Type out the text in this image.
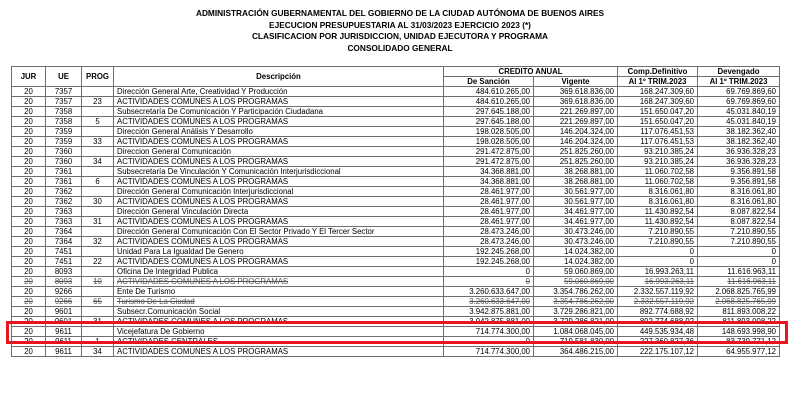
ADMINISTRACIÓN GUBERNAMENTAL DEL GOBIERNO DE LA CIUDAD AUTÓNOMA DE BUENOS AIRES
EJECUCION PRESUPUESTARIA AL 31/03/2023 EJERCICIO 2023 (*)
CLASIFICACION POR JURISDICCION, UNIDAD EJECUTORA Y PROGRAMA
CONSOLIDADO GENERAL
JUR	UE	PROG	Descripción	CREDITO ANUAL		Comp.Definitivo	Devengado
				De Sanción	Vigente	Al 1º TRIM.2023	Al 1º TRIM.2023
20	7357		Dirección General Arte, Creatividad Y Producción	484.610.265,00	369.618.836,00	168.247.309,60	69.769.869,60
20	7357	23	ACTIVIDADES COMUNES A LOS PROGRAMAS	484.610.265,00	369.618.836,00	168.247.309,60	69.769.869,60
20	7358		Subsecretaría De Comunicación Y Participación Ciudadana	297.645.188,00	221.269.897,00	151.650.047,20	45.031.840,19
20	7358	5	ACTIVIDADES COMUNES A LOS PROGRAMAS	297.645.188,00	221.269.897,00	151.650.047,20	45.031.840,19
20	7359		Dirección General Análisis Y Desarrollo	198.028.505,00	146.204.324,00	117.076.451,53	38.182.362,40
20	7359	33	ACTIVIDADES COMUNES A LOS PROGRAMAS	198.028.505,00	146.204.324,00	117.076.451,53	38.182.362,40
20	7360		Direccion General Comunicación	291.472.875,00	251.825.260,00	93.210.385,24	36.936.328,23
20	7360	34	ACTIVIDADES COMUNES A LOS PROGRAMAS	291.472.875,00	251.825.260,00	93.210.385,24	36.936.328,23
20	7361		Subsecretaría De Vinculación Y Comunicación Interjurisdiccional	34.368.881,00	38.268.881,00	11.060.702,58	9.356.891,58
20	7361	6	ACTIVIDADES COMUNES A LOS PROGRAMAS	34.368.881,00	38.268.881,00	11.060.702,58	9.356.891,58
20	7362		Dirección General Comunicación Interjurisdiccional	28.461.977,00	30.561.977,00	8.316.061,80	8.316.061,80
20	7362	30	ACTIVIDADES COMUNES A LOS PROGRAMAS	28.461.977,00	30.561.977,00	8.316.061,80	8.316.061,80
20	7363		Dirección General Vinculación Directa	28.461.977,00	34.461.977,00	11.430.892,54	8.087.822,54
20	7363	31	ACTIVIDADES COMUNES A LOS PROGRAMAS	28.461.977,00	34.461.977,00	11.430.892,54	8.087.822,54
20	7364		Dirección General Comunicación Con El Sector Privado Y El Tercer Sector	28.473.246,00	30.473.246,00	7.210.890,55	7.210.890,55
20	7364	32	ACTIVIDADES COMUNES A LOS PROGRAMAS	28.473.246,00	30.473.246,00	7.210.890,55	7.210.890,55
20	7451		Unidad Para La Igualdad De Genero	192.245.268,00	14.024.382,00	0	0
20	7451	22	ACTIVIDADES COMUNES A LOS PROGRAMAS	192.245.268,00	14.024.382,00	0	0
20	8093		Oficina De Integridad Publica	0	59.060.869,00	16.993.263,11	11.616.963,11
20	8093	10	ACTIVIDADES COMUNES A LOS PROGRAMAS	0	59.060.869,00	16.993.263,11	11.616.963,11
20	9266		Ente De Turismo	3.260.633.647,00	3.354.786.262,00	2.332.557.119,92	2.068.825.765,99
20	9266	65	Turismo De La Ciudad	3.260.633.647,00	3.354.786.262,00	2.332.557.119,92	2.068.825.765,99
20	9601		Subsecr.Comunicación Social	3.942.875.881,00	3.729.286.821,00	892.774.688,92	811.893.008,22
20	9601	31	ACTIVIDADES COMUNES A LOS PROGRAMAS	3.942.875.881,00	3.729.286.821,00	892.774.688,92	811.893.008,22
20	9611		Vicejefatura De Gobierno	714.774.300,00	1.084.068.045,00	449.535.934,48	148.693.998,90
20	9611	1	ACTIVIDADES CENTRALES	0	719.581.830,00	227.360.827,36	83.739.771,12
20	9611	34	ACTIVIDADES COMUNES A LOS PROGRAMAS	714.774.300,00	364.486.215,00	222.175.107,12	64.955.977,12
